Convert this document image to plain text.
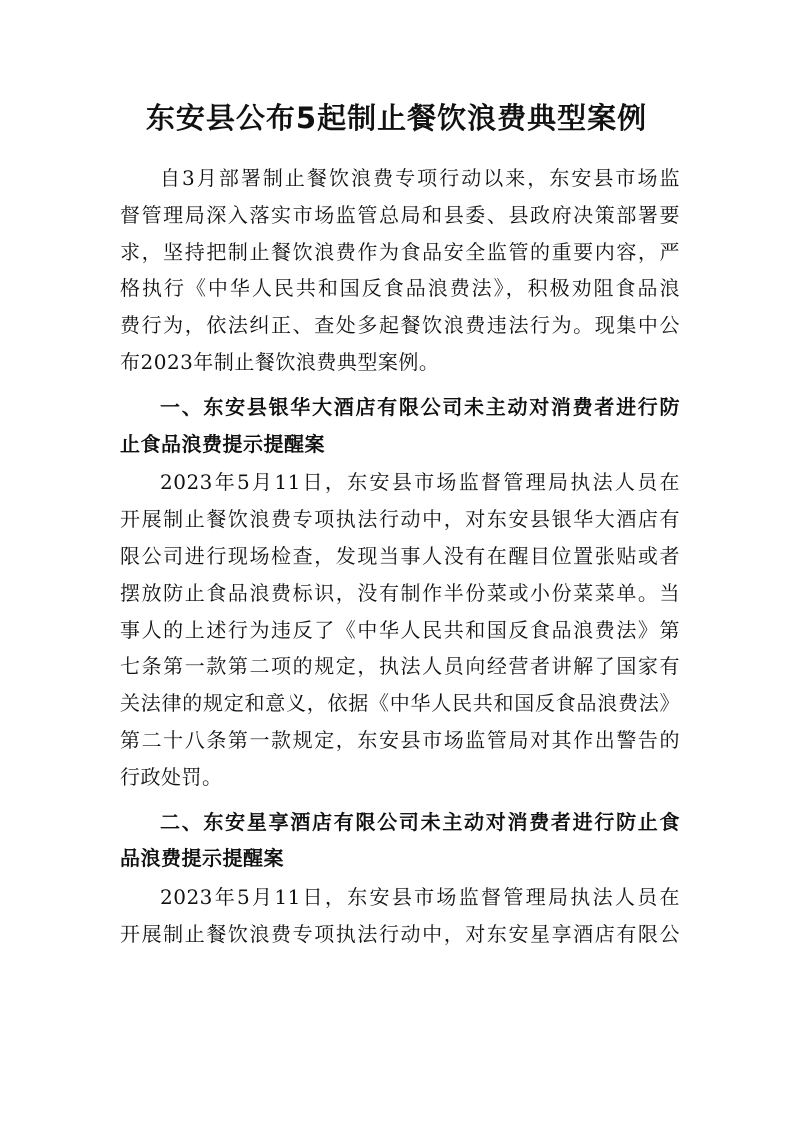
东安县公布5起制止餐饮浪费典型案例

自3月部署制止餐饮浪费专项行动以来，东安县市场监
督管理局深入落实市场监管总局和县委、县政府决策部署要
求，坚持把制止餐饮浪费作为食品安全监管的重要内容，严
格执行《中华人民共和国反食品浪费法》，积极劝阻食品浪
费行为，依法纠正、查处多起餐饮浪费违法行为。现集中公
布2023年制止餐饮浪费典型案例。

一、东安县银华大酒店有限公司未主动对消费者进行防
止食品浪费提示提醒案

2023年5月11日，东安县市场监督管理局执法人员在
开展制止餐饮浪费专项执法行动中，对东安县银华大酒店有
限公司进行现场检查，发现当事人没有在醒目位置张贴或者
摆放防止食品浪费标识，没有制作半份菜或小份菜菜单。当
事人的上述行为违反了《中华人民共和国反食品浪费法》第
七条第一款第二项的规定，执法人员向经营者讲解了国家有
关法律的规定和意义，依据《中华人民共和国反食品浪费法》
第二十八条第一款规定，东安县市场监管局对其作出警告的
行政处罚。

二、东安星享酒店有限公司未主动对消费者进行防止食
品浪费提示提醒案

2023年5月11日，东安县市场监督管理局执法人员在
开展制止餐饮浪费专项执法行动中，对东安星享酒店有限公
